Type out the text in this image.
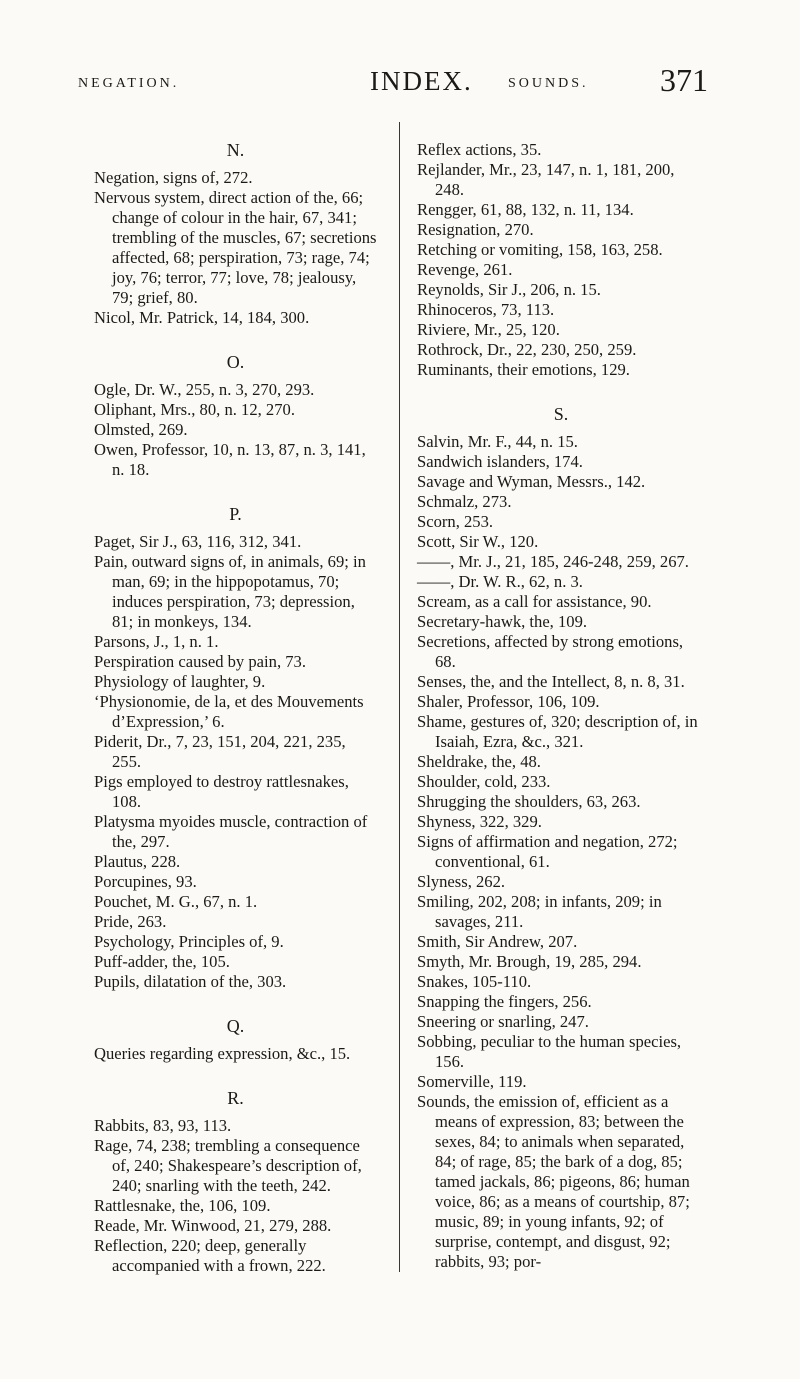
NEGATION.	INDEX.	SOUNDS. 371
N.

Negation, signs of, 272.

Nervous system, direct action of the, 66; change of colour in the hair, 67, 341; trembling of the muscles, 67; secretions affected, 68; perspiration, 73; rage, 74; joy, 76; terror, 77; love, 78; jealousy, 79; grief, 80.

Nicol, Mr. Patrick, 14, 184, 300.

O.

Ogle, Dr. W., 255, n. 3, 270, 293.

Oliphant, Mrs., 80, n. 12, 270.

Olmsted, 269.

Owen, Professor, 10, n. 13, 87, n. 3, 141, n. 18.

P.

Paget, Sir J., 63, 116, 312, 341.

Pain, outward signs of, in animals, 69; in man, 69; in the hippopotamus, 70; induces perspiration, 73; depression, 81; in monkeys, 134.

Parsons, J., 1, n. 1.

Perspiration caused by pain, 73.

Physiology of laughter, 9.

‘Physionomie, de la, et des Mouvements d’Expression,’ 6.

Piderit, Dr., 7, 23, 151, 204, 221, 235, 255.

Pigs employed to destroy rattlesnakes, 108.

Platysma myoides muscle, contraction of the, 297.

Plautus, 228.

Porcupines, 93.

Pouchet, M. G., 67, n. 1.

Pride, 263.

Psychology, Principles of, 9.

Puff-adder, the, 105.

Pupils, dilatation of the, 303.

Q.

Queries regarding expression, &c., 15.

R.

Rabbits, 83, 93, 113.

Rage, 74, 238; trembling a consequence of, 240; Shakespeare’s description of, 240; snarling with the teeth, 242.

Rattlesnake, the, 106, 109.

Reade, Mr. Winwood, 21, 279, 288.

Reflection, 220; deep, generally accompanied with a frown, 222.

Reflex actions, 35.

Rejlander, Mr., 23, 147, n. 1, 181, 200, 248.

Rengger, 61, 88, 132, n. 11, 134.

Resignation, 270.

Retching or vomiting, 158, 163, 258.

Revenge, 261.

Reynolds, Sir J., 206, n. 15.

Rhinoceros, 73, 113.

Riviere, Mr., 25, 120.

Rothrock, Dr., 22, 230, 250, 259.

Ruminants, their emotions, 129.

S.

Salvin, Mr. F., 44, n. 15.

Sandwich islanders, 174.

Savage and Wyman, Messrs., 142.

Schmalz, 273.

Scorn, 253.

Scott, Sir W., 120.

——, Mr. J., 21, 185, 246-248, 259, 267.

——, Dr. W. R., 62, n. 3.

Scream, as a call for assistance, 90.

Secretary-hawk, the, 109.

Secretions, affected by strong emotions, 68.

Senses, the, and the Intellect, 8, n. 8, 31.

Shaler, Professor, 106, 109.

Shame, gestures of, 320; description of, in Isaiah, Ezra, &c., 321.

Sheldrake, the, 48.

Shoulder, cold, 233.

Shrugging the shoulders, 63, 263.

Shyness, 322, 329.

Signs of affirmation and negation, 272; conventional, 61.

Slyness, 262.

Smiling, 202, 208; in infants, 209; in savages, 211.

Smith, Sir Andrew, 207.

Smyth, Mr. Brough, 19, 285, 294.

Snakes, 105-110.

Snapping the fingers, 256.

Sneering or snarling, 247.

Sobbing, peculiar to the human species, 156.

Somerville, 119.

Sounds, the emission of, efficient as a means of expression, 83; between the sexes, 84; to animals when separated, 84; of rage, 85; the bark of a dog, 85; tamed jackals, 86; pigeons, 86; human voice, 86; as a means of courtship, 87; music, 89; in young infants, 92; of surprise, contempt, and disgust, 92; rabbits, 93; por-
